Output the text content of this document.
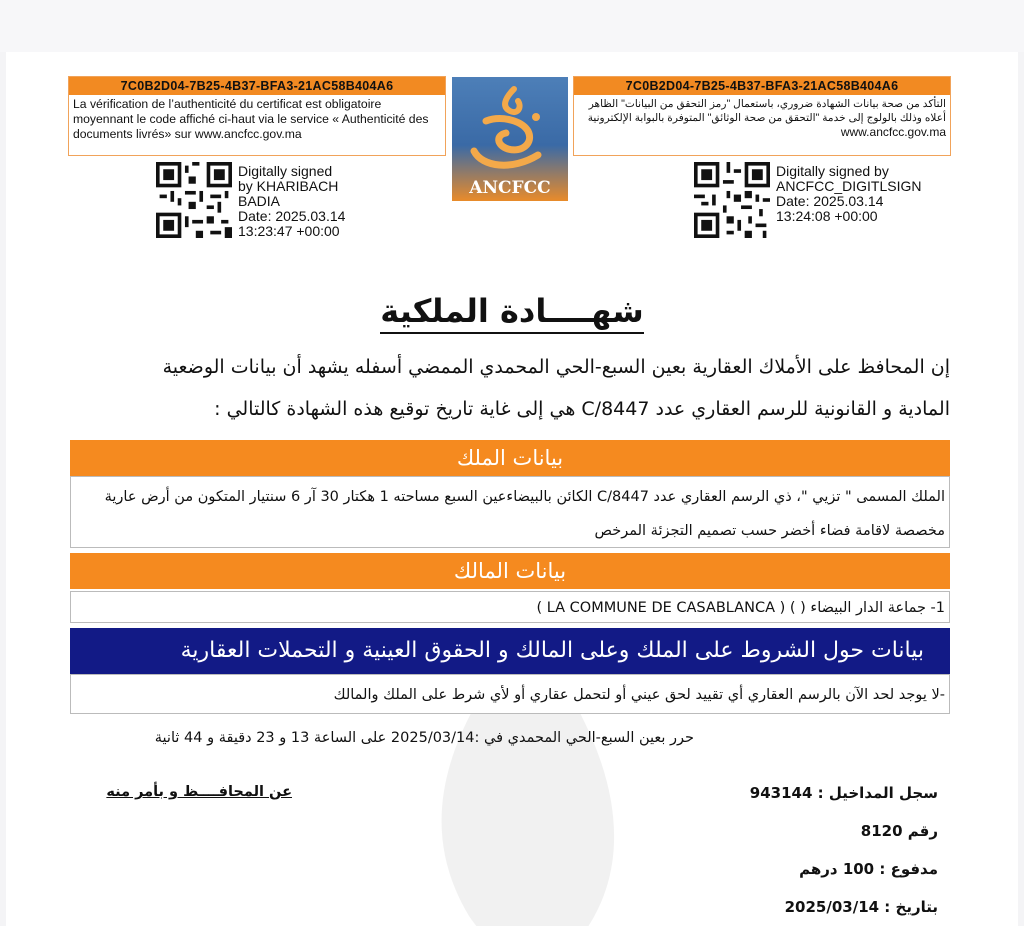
7C0B2D04-7B25-4B37-BFA3-21AC58B404A6
La vérification de l’authenticité du certificat est obligatoire moyennant le code affiché ci-haut via le service « Authenticité des documents livrés» sur www.ancfcc.gov.ma
7C0B2D04-7B25-4B37-BFA3-21AC58B404A6
التأكد من صحة بيانات الشهادة ضروري، باستعمال "رمز التحقق من البيانات" الظاهر أعلاه وذلك بالولوج إلى خدمة "التحقق من صحة الوثائق" المتوفرة بالبوابة الإلكترونية
www.ancfcc.gov.ma
ANCFCC
Digitally signed
by KHARIBACH
BADIA
Date: 2025.03.14
13:23:47 +00:00
Digitally signed by
ANCFCC_DIGITLSIGN
Date: 2025.03.14
13:24:08 +00:00
شهــــادة الملكية
إن المحافظ على الأملاك العقارية بعين السبع-الحي المحمدي الممضي أسفله يشهد أن بيانات الوضعية
المادية و القانونية للرسم العقاري عدد C/8447 هي إلى غاية تاريخ توقيع هذه الشهادة كالتالي :
بيانات الملك
الملك المسمى " تزيي "، ذي الرسم العقاري عدد C/8447 الكائن بالبيضاءعين السبع مساحته 1 هكتار 30 آر 6 سنتيار المتكون من أرض عارية مخصصة لاقامة فضاء أخضر حسب تصميم التجزئة المرخص
بيانات المالك
1- جماعة الدار البيضاء ( ) ( LA COMMUNE DE CASABLANCA )
بيانات حول الشروط على الملك وعلى المالك و الحقوق العينية و التحملات العقارية
-لا يوجد لحد الآن بالرسم العقاري أي تقييد لحق عيني أو لتحمل عقاري أو لأي شرط على الملك والمالك
حرر بعين السبع-الحي المحمدي في :2025/03/14 على الساعة 13 و 23 دقيقة و 44 ثانية
عن المحافــــظ و بأمر منه	سجل المداخيل : 943144
رقم 8120
مدفوع : 100 درهم
بتاريخ : 2025/03/14
